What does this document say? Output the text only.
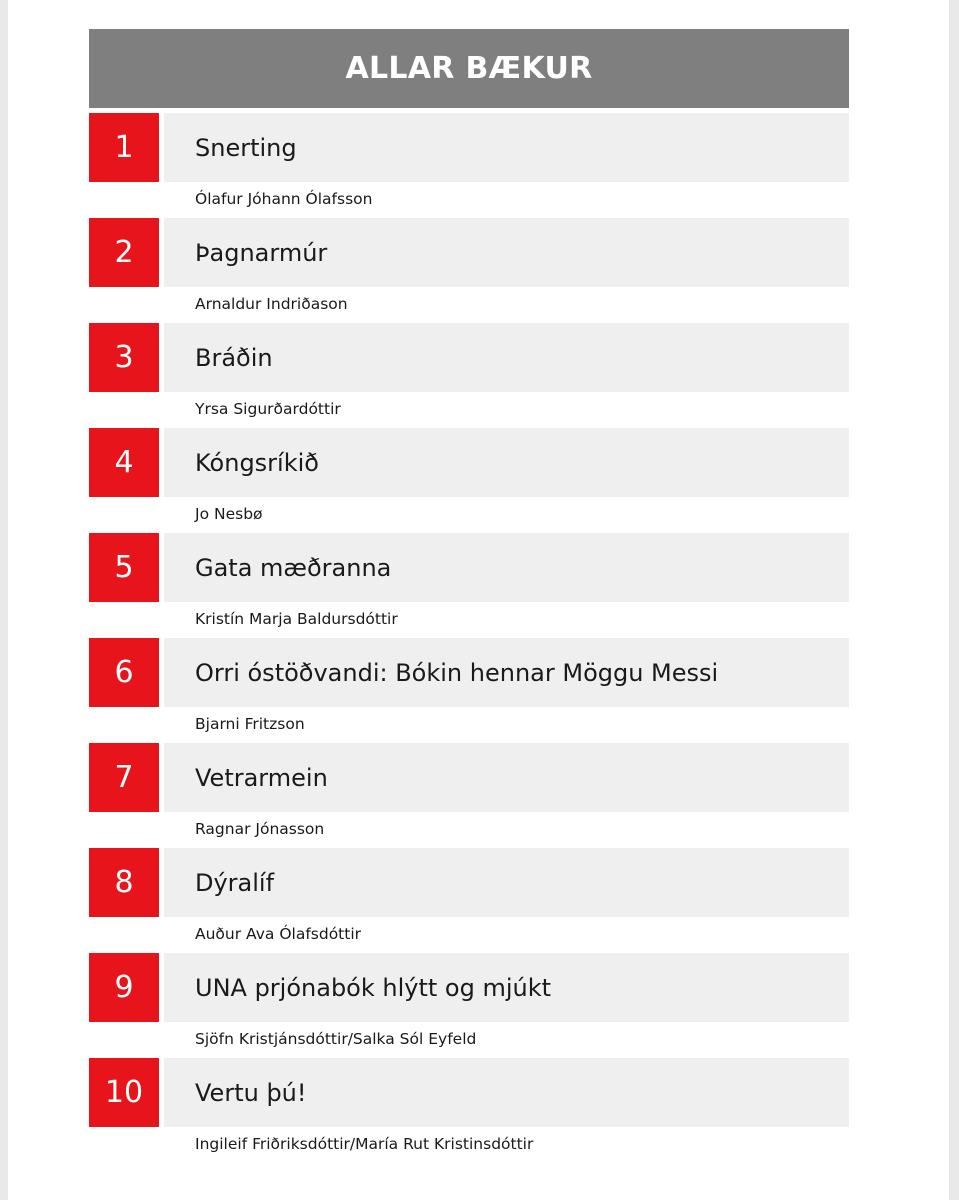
ALLAR BÆKUR
1	Snerting
Ólafur Jóhann Ólafsson
2	Þagnarmúr
Arnaldur Indriðason
3	Bráðin
Yrsa Sigurðardóttir
4	Kóngsríkið
Jo Nesbø
5	Gata mæðranna
Kristín Marja Baldursdóttir
6	Orri óstöðvandi: Bókin hennar Möggu Messi
Bjarni Fritzson
7	Vetrarmein
Ragnar Jónasson
8	Dýralíf
Auður Ava Ólafsdóttir
9	UNA prjónabók hlýtt og mjúkt
Sjöfn Kristjánsdóttir/Salka Sól Eyfeld
10	Vertu þú!
Ingileif Friðriksdóttir/María Rut Kristinsdóttir
